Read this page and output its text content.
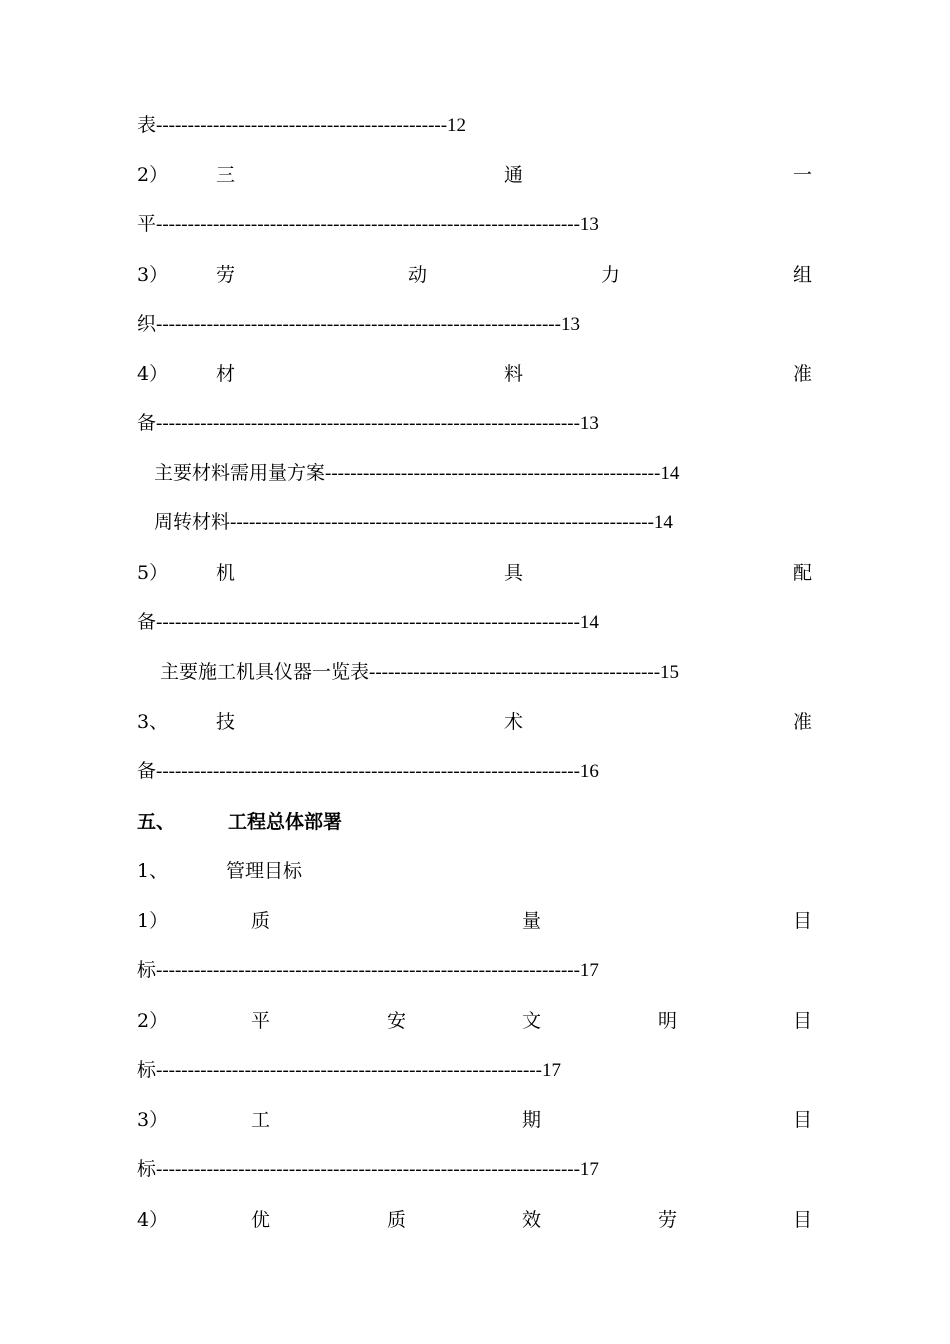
表----------------------------------------------12
2）	三	通	一
平-------------------------------------------------------------------13
3）	劳	动	力	组
织----------------------------------------------------------------13
4）	材	料	准
备-------------------------------------------------------------------13
主要材料需用量方案-----------------------------------------------------14
周转材料-------------------------------------------------------------------14
5）	机	具	配
备-------------------------------------------------------------------14
主要施工机具仪器一览表----------------------------------------------15
3、	技	术	准
备-------------------------------------------------------------------16
五、	工程总体部署
1、	管理目标
1）	质	量	目
标-------------------------------------------------------------------17
2）	平	安	文	明	目
标-------------------------------------------------------------17
3）	工	期	目
标-------------------------------------------------------------------17
4）	优	质	效	劳	目
